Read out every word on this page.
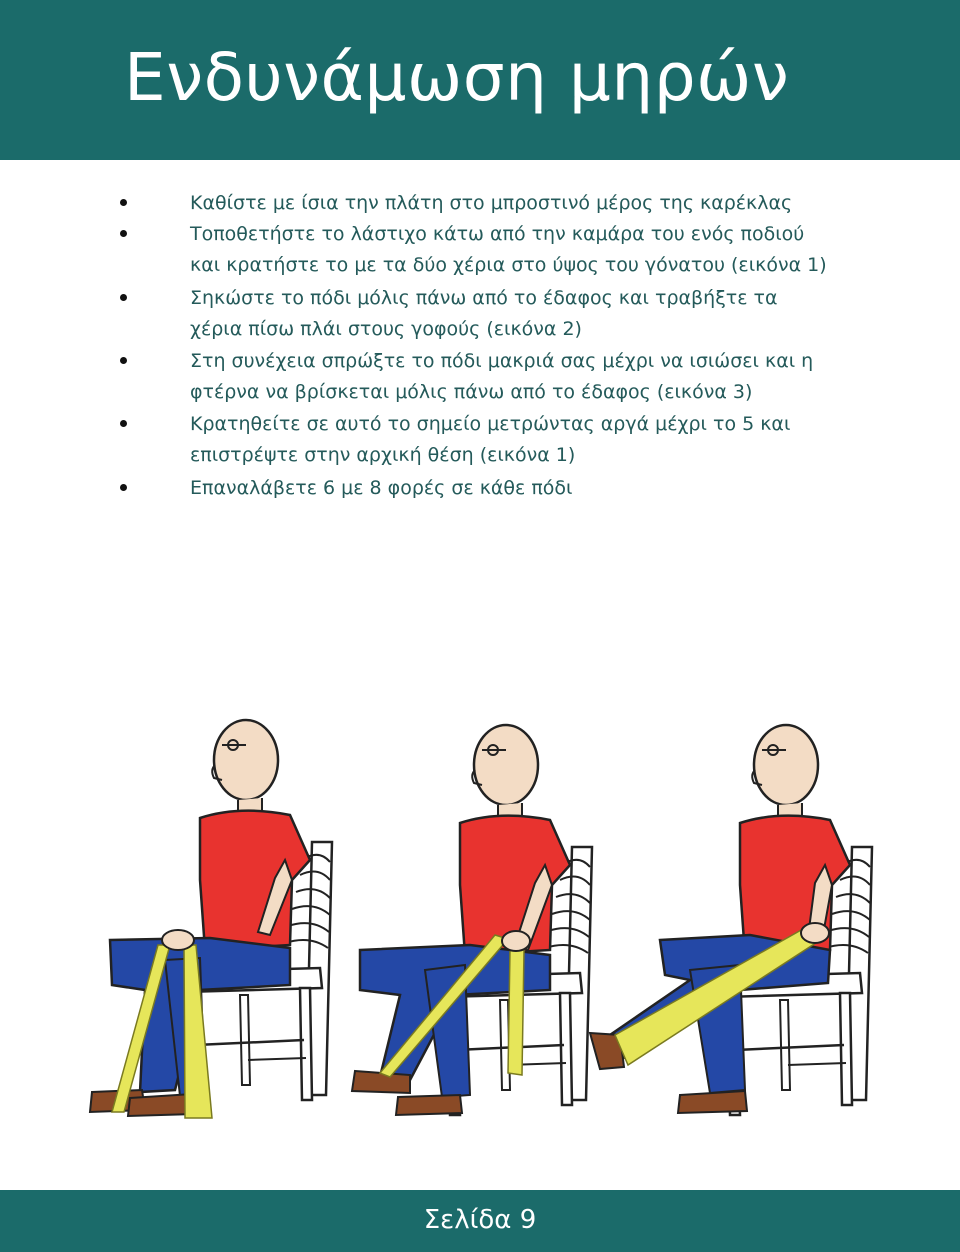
Ενδυνάμωση μηρών
Καθίστε με ίσια την πλάτη στο μπροστινό μέρος της καρέκλας
Τοποθετήστε το λάστιχο κάτω από την καμάρα του ενός ποδιού
και κρατήστε το με τα δύο χέρια στο ύψος του γόνατου (εικόνα 1)
Σηκώστε το πόδι μόλις πάνω από το έδαφος και τραβήξτε τα
χέρια πίσω πλάι στους γοφούς (εικόνα 2)
Στη συνέχεια σπρώξτε το πόδι μακριά σας μέχρι να ισιώσει και η
φτέρνα να βρίσκεται μόλις πάνω από το έδαφος (εικόνα 3)
Κρατηθείτε σε αυτό το σημείο μετρώντας αργά μέχρι το 5 και
επιστρέψτε στην αρχική θέση (εικόνα 1)
Επαναλάβετε 6 με 8 φορές σε κάθε πόδι
Σελίδα 9
